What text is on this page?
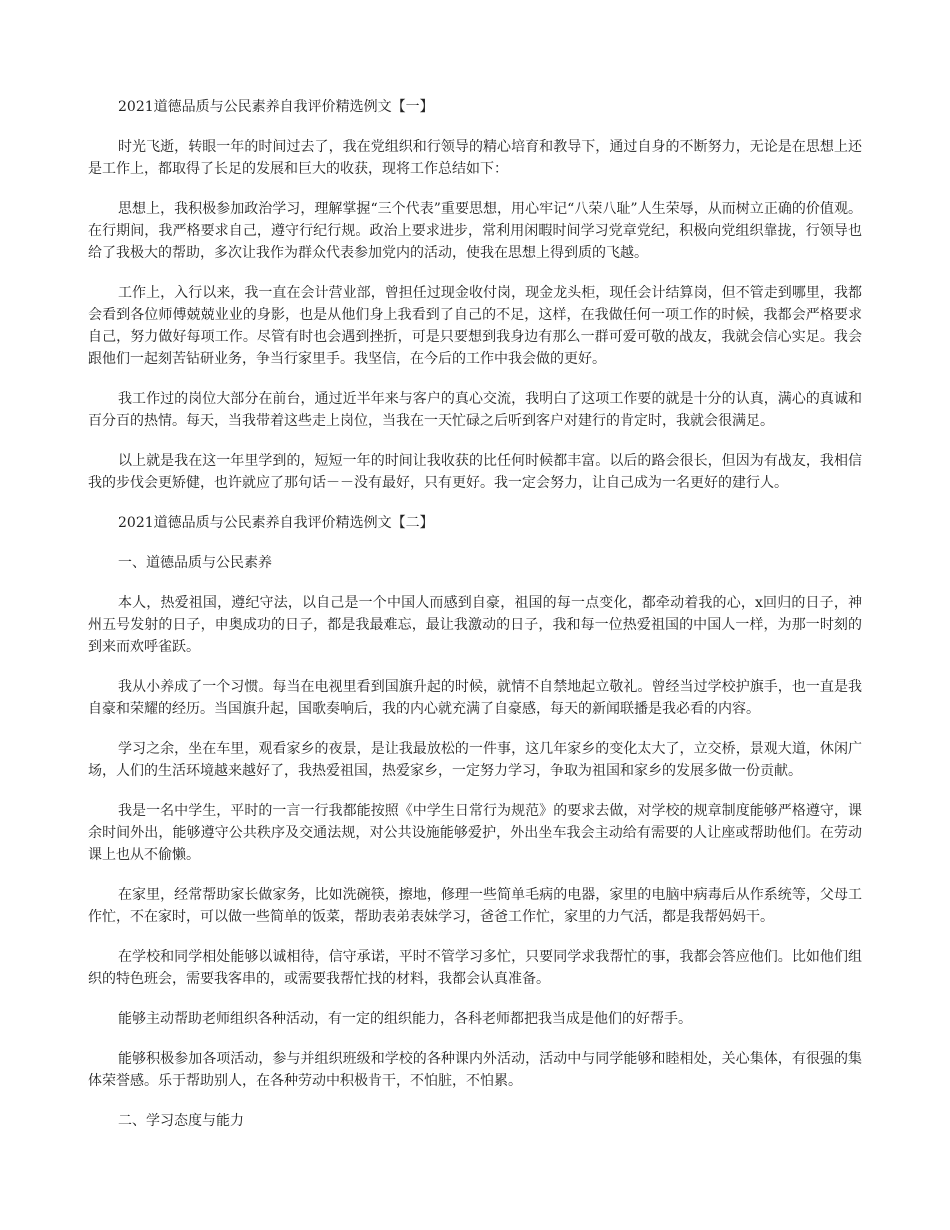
2021道德品质与公民素养自我评价精选例文【一】

时光飞逝，转眼一年的时间过去了，我在党组织和行领导的精心培育和教导下，通过自身的不断努力，无论是在思想上还是工作上，都取得了长足的发展和巨大的收获，现将工作总结如下：

思想上，我积极参加政治学习，理解掌握“三个代表”重要思想，用心牢记“八荣八耻”人生荣辱，从而树立正确的价值观。在行期间，我严格要求自己，遵守行纪行规。政治上要求进步，常利用闲暇时间学习党章党纪，积极向党组织靠拢，行领导也给了我极大的帮助，多次让我作为群众代表参加党内的活动，使我在思想上得到质的飞越。

工作上，入行以来，我一直在会计营业部，曾担任过现金收付岗，现金龙头柜，现任会计结算岗，但不管走到哪里，我都会看到各位师傅兢兢业业的身影，也是从他们身上我看到了自己的不足，这样，在我做任何一项工作的时候，我都会严格要求自己，努力做好每项工作。尽管有时也会遇到挫折，可是只要想到我身边有那么一群可爱可敬的战友，我就会信心实足。我会跟他们一起刻苦钻研业务，争当行家里手。我坚信，在今后的工作中我会做的更好。

我工作过的岗位大部分在前台，通过近半年来与客户的真心交流，我明白了这项工作要的就是十分的认真，满心的真诚和百分百的热情。每天，当我带着这些走上岗位，当我在一天忙碌之后听到客户对建行的肯定时，我就会很满足。

以上就是我在这一年里学到的，短短一年的时间让我收获的比任何时候都丰富。以后的路会很长，但因为有战友，我相信我的步伐会更矫健，也许就应了那句话－－没有最好，只有更好。我一定会努力，让自己成为一名更好的建行人。

2021道德品质与公民素养自我评价精选例文【二】

一、道德品质与公民素养

本人，热爱祖国，遵纪守法，以自己是一个中国人而感到自豪，祖国的每一点变化，都牵动着我的心，x回归的日子，神州五号发射的日子，申奥成功的日子，都是我最难忘，最让我激动的日子，我和每一位热爱祖国的中国人一样，为那一时刻的到来而欢呼雀跃。

我从小养成了一个习惯。每当在电视里看到国旗升起的时候，就情不自禁地起立敬礼。曾经当过学校护旗手，也一直是我自豪和荣耀的经历。当国旗升起，国歌奏响后，我的内心就充满了自豪感，每天的新闻联播是我必看的内容。

学习之余，坐在车里，观看家乡的夜景，是让我最放松的一件事，这几年家乡的变化太大了，立交桥，景观大道，休闲广场，人们的生活环境越来越好了，我热爱祖国，热爱家乡，一定努力学习，争取为祖国和家乡的发展多做一份贡献。

我是一名中学生，平时的一言一行我都能按照《中学生日常行为规范》的要求去做，对学校的规章制度能够严格遵守，课余时间外出，能够遵守公共秩序及交通法规，对公共设施能够爱护，外出坐车我会主动给有需要的人让座或帮助他们。在劳动课上也从不偷懒。

在家里，经常帮助家长做家务，比如洗碗筷，擦地，修理一些简单毛病的电器，家里的电脑中病毒后从作系统等，父母工作忙，不在家时，可以做一些简单的饭菜，帮助表弟表妹学习，爸爸工作忙，家里的力气活，都是我帮妈妈干。

在学校和同学相处能够以诚相待，信守承诺，平时不管学习多忙，只要同学求我帮忙的事，我都会答应他们。比如他们组织的特色班会，需要我客串的，或需要我帮忙找的材料，我都会认真准备。

能够主动帮助老师组织各种活动，有一定的组织能力，各科老师都把我当成是他们的好帮手。

能够积极参加各项活动，参与并组织班级和学校的各种课内外活动，活动中与同学能够和睦相处，关心集体，有很强的集体荣誉感。乐于帮助别人，在各种劳动中积极肯干，不怕脏，不怕累。

二、学习态度与能力
